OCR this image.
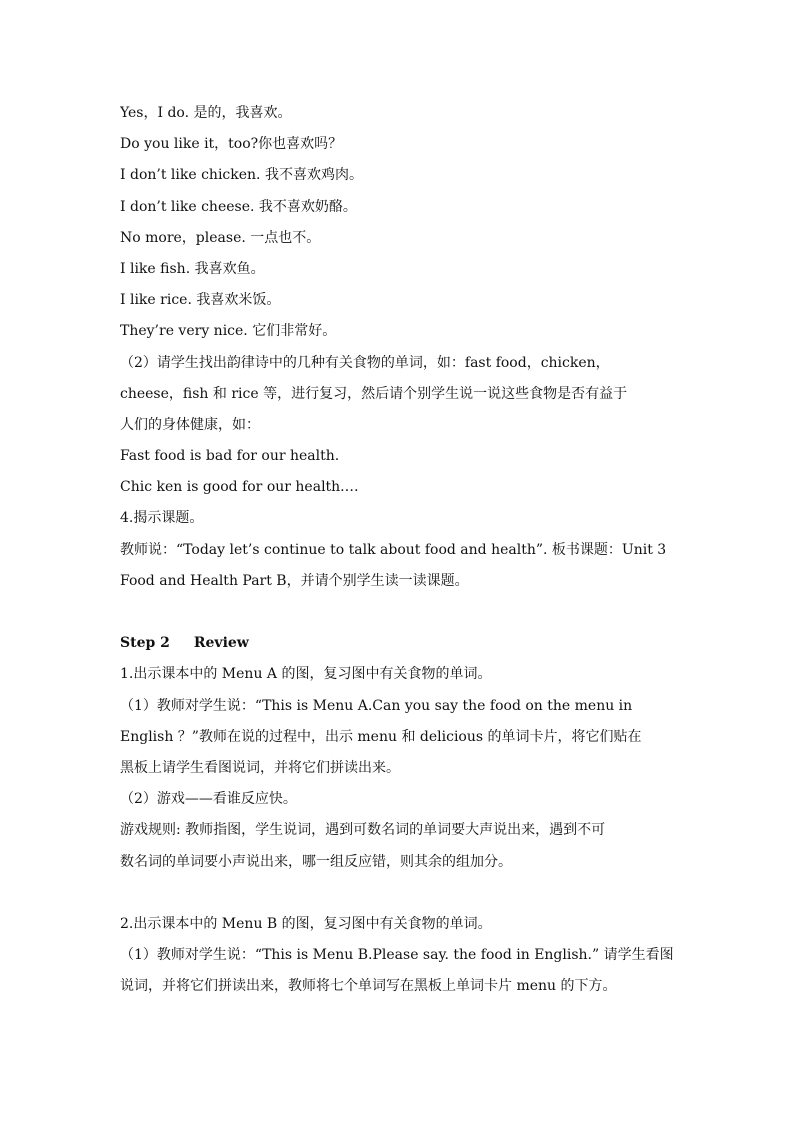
Yes，I do. 是的，我喜欢。
Do you like it，too?你也喜欢吗？
I don’t like chicken. 我不喜欢鸡肉。
I don’t like cheese. 我不喜欢奶酪。
No more，please. 一点也不。
I like fish. 我喜欢鱼。
I like rice. 我喜欢米饭。
They’re very nice. 它们非常好。
（2）请学生找出韵律诗中的几种有关食物的单词，如：fast food，chicken，
cheese，fish 和 rice 等，进行复习，然后请个别学生说一说这些食物是否有益于
人们的身体健康，如：
Fast food is bad for our health.
Chic ken is good for our health.…
4.揭示课题。
教师说：“Today let’s continue to talk about food and health”. 板书课题：Unit 3
Food and Health Part B，并请个别学生读一读课题。
Step 2 Review
1.出示课本中的 Menu A 的图，复习图中有关食物的单词。
（1）教师对学生说：“This is Menu A.Can you say the food on the menu in
English ？”教师在说的过程中，出示 menu 和 delicious 的单词卡片，将它们贴在
黑板上请学生看图说词，并将它们拼读出来。
（2）游戏——看谁反应快。
游戏规则: 教师指图，学生说词，遇到可数名词的单词要大声说出来，遇到不可
数名词的单词要小声说出来，哪一组反应错，则其余的组加分。
2.出示课本中的 Menu B 的图，复习图中有关食物的单词。
（1）教师对学生说：“This is Menu B.Please say. the food in English.” 请学生看图
说词，并将它们拼读出来，教师将七个单词写在黑板上单词卡片 menu 的下方。
